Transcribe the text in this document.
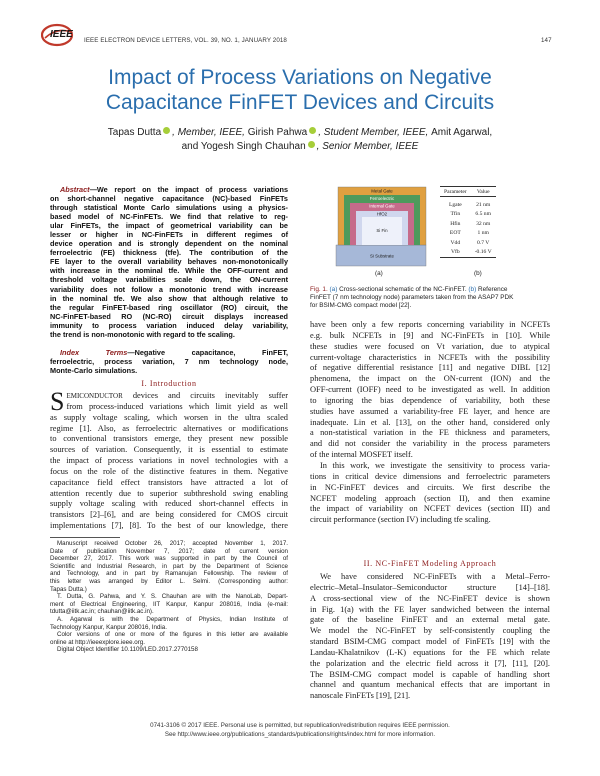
IEEE
IEEE ELECTRON DEVICE LETTERS, VOL. 39, NO. 1, JANUARY 2018	147
Impact of Process Variations on Negative
Capacitance FinFET Devices and Circuits
Tapas Dutta , Member, IEEE, Girish Pahwa , Student Member, IEEE, Amit Agarwal,
and Yogesh Singh Chauhan , Senior Member, IEEE
Abstract—We report on the impact of process variations
on short-channel negative capacitance (NC)-based FinFETs
through statistical Monte Carlo simulations using a physics-
based model of NC-FinFETs. We find that relative to reg-
ular FinFETs, the impact of geometrical variability can be
lesser or higher in NC-FinFETs in different regimes of
device operation and is strongly dependent on the nominal
ferroelectric (FE) thickness (tfe). The contribution of the
FE layer to the overall variability behaves non-monotonically
with increase in the nominal tfe. While the OFF-current and
threshold voltage variabilities scale down, the ON-current
variability does not follow a monotonic trend with increase
in the nominal tfe. We also show that although relative to
the regular FinFET-based ring oscillator (RO) circuit, the
NC-FinFET-based RO (NC-RO) circuit displays increased
immunity to process variation induced delay variability,
the trend is non-monotonic with regard to tfe scaling.
Index Terms—Negative capacitance, FinFET,
ferroelectric, process variation, 7 nm technology node,
Monte-Carlo simulations.
I. Introduction
S EMICONDUCTOR devices and circuits inevitably suffer
from process-induced variations which limit yield as well
as supply voltage scaling, which worsen in the ultra scaled
regime [1]. Also, as ferroelectric alternatives or modifications
to conventional transistors emerge, they present new possible
sources of variation. Consequently, it is essential to estimate
the impact of process variations in novel technologies with a
focus on the role of the distinctive features in them. Negative
capacitance field effect transistors have attracted a lot of
attention recently due to superior subthreshold swing enabling
supply voltage scaling with reduced short-channel effects in
transistors [2]–[6], and are being considered for CMOS circuit
implementations [7], [8]. To the best of our knowledge, there
Manuscript received October 26, 2017; accepted November 1, 2017.
Date of publication November 7, 2017; date of current version
December 27, 2017. This work was supported in part by the Council of
Scientific and Industrial Research, in part by the Department of Science
and Technology, and in part by Ramanujan Fellowship. The review of
this letter was arranged by Editor L. Selmi. (Corresponding author:
Tapas Dutta.)
T. Dutta, G. Pahwa, and Y. S. Chauhan are with the NanoLab, Depart-
ment of Electrical Engineering, IIT Kanpur, Kanpur 208016, India (e-mail:
tdutta@iitk.ac.in; chauhan@iitk.ac.in).
A. Agarwal is with the Department of Physics, Indian Institute of
Technology Kanpur, Kanpur 208016, India.
Color versions of one or more of the figures in this letter are available
online at http://ieeexplore.ieee.org.
Digital Object Identifier 10.1109/LED.2017.2770158
Metal Gate
Ferroelectric
Internal Gate
HfO2
Si Fin
Si Substrate
(a)
Parameter	Value
Lgate	21 nm
Tfin	6.5 nm
Hfin	32 nm
EOT	1 nm
Vdd	0.7 V
Vfb	-0.16 V
(b)
Fig. 1. (a) Cross-sectional schematic of the NC-FinFET. (b) Reference
FinFET (7 nm technology node) parameters taken from the ASAP7 PDK
for BSIM-CMG compact model [22].
have been only a few reports concerning variability in NCFETs
e.g. bulk NCFETs in [9] and NC-FinFETs in [10]. While
these studies were focused on Vt variation, due to atypical
current-voltage characteristics in NCFETs with the possibility
of negative differential resistance [11] and negative DIBL [12]
phenomena, the impact on the ON-current (ION) and the
OFF-current (IOFF) need to be investigated as well. In addition
to ignoring the bias dependence of variability, both these
studies have assumed a variability-free FE layer, and hence are
inadequate. Lin et al. [13], on the other hand, considered only
a non-statistical variation in the FE thickness and parameters,
and did not consider the variability in the process parameters
of the internal MOSFET itself.
In this work, we investigate the sensitivity to process varia-
tions in critical device dimensions and ferroelectric parameters
in NC-FinFET devices and circuits. We first describe the
NCFET modeling approach (section II), and then examine
the impact of variability on NCFET devices (section III) and
circuit performance (section IV) including tfe scaling.
II. NC-FinFET Modeling Approach
We have considered NC-FinFETs with a Metal–Ferro-
electric–Metal–Insulator–Semiconductor structure [14]–[18].
A cross-sectional view of the NC-FinFET device is shown
in Fig. 1(a) with the FE layer sandwiched between the internal
gate of the baseline FinFET and an external metal gate.
We model the NC-FinFET by self-consistently coupling the
standard BSIM-CMG compact model of FinFETs [19] with the
Landau-Khalatnikov (L-K) equations for the FE which relate
the polarization and the electric field across it [7], [11], [20].
The BSIM-CMG compact model is capable of handling short
channel and quantum mechanical effects that are important in
nanoscale FinFETs [19], [21].
0741-3106 © 2017 IEEE. Personal use is permitted, but republication/redistribution requires IEEE permission.
See http://www.ieee.org/publications_standards/publications/rights/index.html for more information.
